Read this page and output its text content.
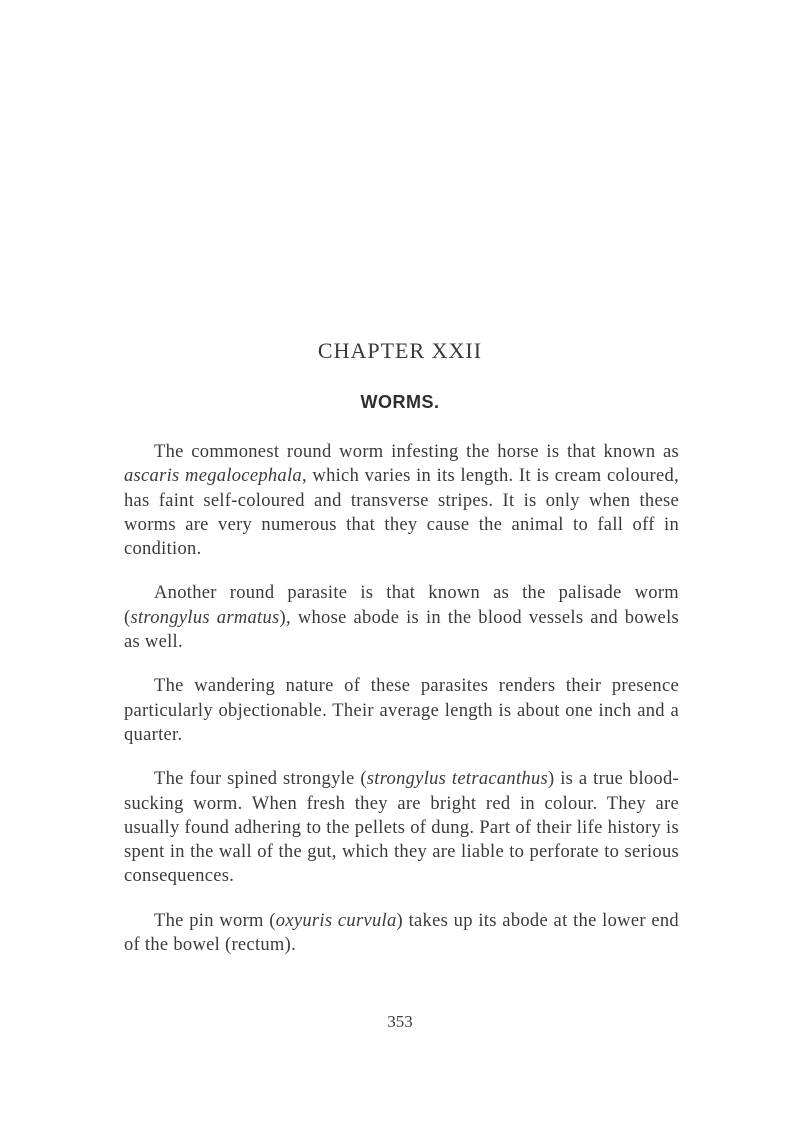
CHAPTER XXII
WORMS.

The commonest round worm infesting the horse is that known as ascaris megalocephala, which varies in its length. It is cream coloured, has faint self-coloured and transverse stripes. It is only when these worms are very numerous that they cause the animal to fall off in condition.

Another round parasite is that known as the palisade worm (strongylus armatus), whose abode is in the blood vessels and bowels as well.

The wandering nature of these parasites renders their presence particularly objectionable. Their average length is about one inch and a quarter.

The four spined strongyle (strongylus tetracanthus) is a true blood-sucking worm. When fresh they are bright red in colour. They are usually found adhering to the pellets of dung. Part of their life history is spent in the wall of the gut, which they are liable to perforate to serious consequences.

The pin worm (oxyuris curvula) takes up its abode at the lower end of the bowel (rectum).

353
